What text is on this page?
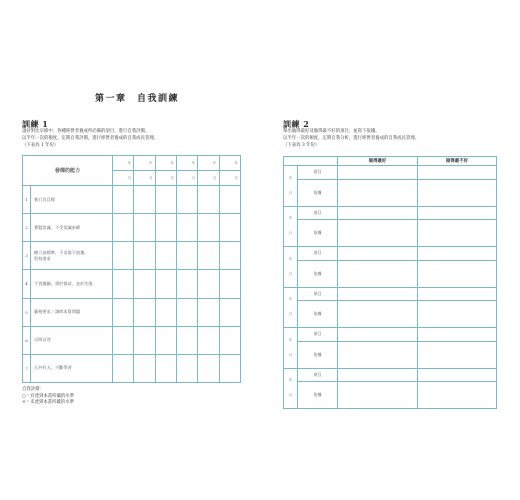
第一章　自我訓練
訓練 1
請針對比早節中，各種經營者養成所必備的項目，進行自我評價。
以半年一次的頻度，定期自我評價，進行經營者養成的自我成長管理。
（下表為 1 年份）
發揮的能力		年	年	年	年	年	年
		月	月	月	月	月	月
1	執行其目標						

2	實疑常識，不受常識束縛						

3	樹立高標準，不妥協不放棄，
堅持追求						

4	不畏風險，勇於嘗試，並於失敗						

5	嚴格要求／詢問本質問題						

6	自問自答						

7	天外有天，不斷學習						

自我評價：
○＝有達到本書所載的水準
×＝未達到本書所載的水準
訓練 2
舉出做得最好及做得最不好的項目，並寫下依據。
以半年一次的頻度，定期自我分析，進行經營者養成的自我成長管理。
（下表為 3 年份）
		做得最好	做得最不好

年
月	項目		
	依據		

年
月	項目		
	依據		

年
月	項目		
	依據		

年
月	項目		
	依據		

年
月	項目		
	依據		

年
月	項目		
	依據		
